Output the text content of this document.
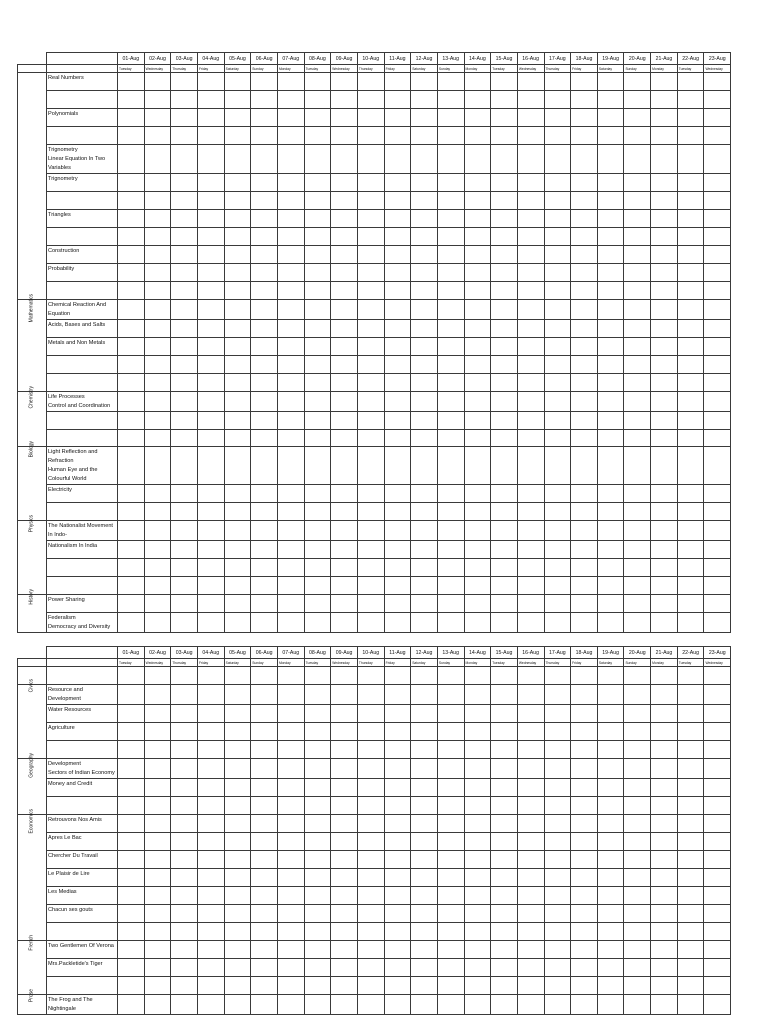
		01-Aug	02-Aug	03-Aug	04-Aug	05-Aug	06-Aug	07-Aug	08-Aug	09-Aug	10-Aug	11-Aug	12-Aug	13-Aug	14-Aug	15-Aug	16-Aug	17-Aug	18-Aug	19-Aug	20-Aug	21-Aug	22-Aug	23-Aug
		Tuesday	Wednesday	Thursday	Friday	Saturday	Sunday	Monday	Tuesday	Wednesday	Thursday	Friday	Saturday	Sunday	Monday	Tuesday	Wednesday	Thursday	Friday	Saturday	Sunday	Monday	Tuesday	Wednesday

Mathematics	Real Numbers																							

	Polynomials																							

	Trignometry
Linear Equation In Two Variables																							

	Trignometry																							

	Triangles																							

	Construction																							

	Probability																							

Chemistry	Chemical Reaction And Equation																							

	Acids, Bases and Salts																							

	Metals and Non Metals																							

Biology	Life Processes
Control and Coordination																							

Physics	Light Reflection and Refraction
Human Eye and the Colourful World																							

	Electricity																							

History	The Nationalist Movement In Indo-																							

	Nationalism In India																							

	Power Sharing																							

	Federalism
Democracy and Diversity																							

		01-Aug	02-Aug	03-Aug	04-Aug	05-Aug	06-Aug	07-Aug	08-Aug	09-Aug	10-Aug	11-Aug	12-Aug	13-Aug	14-Aug	15-Aug	16-Aug	17-Aug	18-Aug	19-Aug	20-Aug	21-Aug	22-Aug	23-Aug
		Tuesday	Wednesday	Thursday	Friday	Saturday	Sunday	Monday	Tuesday	Wednesday	Thursday	Friday	Saturday	Sunday	Monday	Tuesday	Wednesday	Thursday	Friday	Saturday	Sunday	Monday	Tuesday	Wednesday

Civics																								

Geography	Resource and Development																							

	Water Resources																							

	Agriculture																							

Economics	Development
Sectors of Indian Economy																							

	Money and Credit																							

French	Retrouvons Nos Amis																							

	Apres Le Bac																							

	Chercher Du Travail																							

	Le Plaisir de Lire																							

	Les Medias																							

	Chacun ses gouts																							

Prose	Two Gentlemen Of Verona																							

	Mrs.Packletide's Tiger																							

	The Frog and The Nightingale																							
